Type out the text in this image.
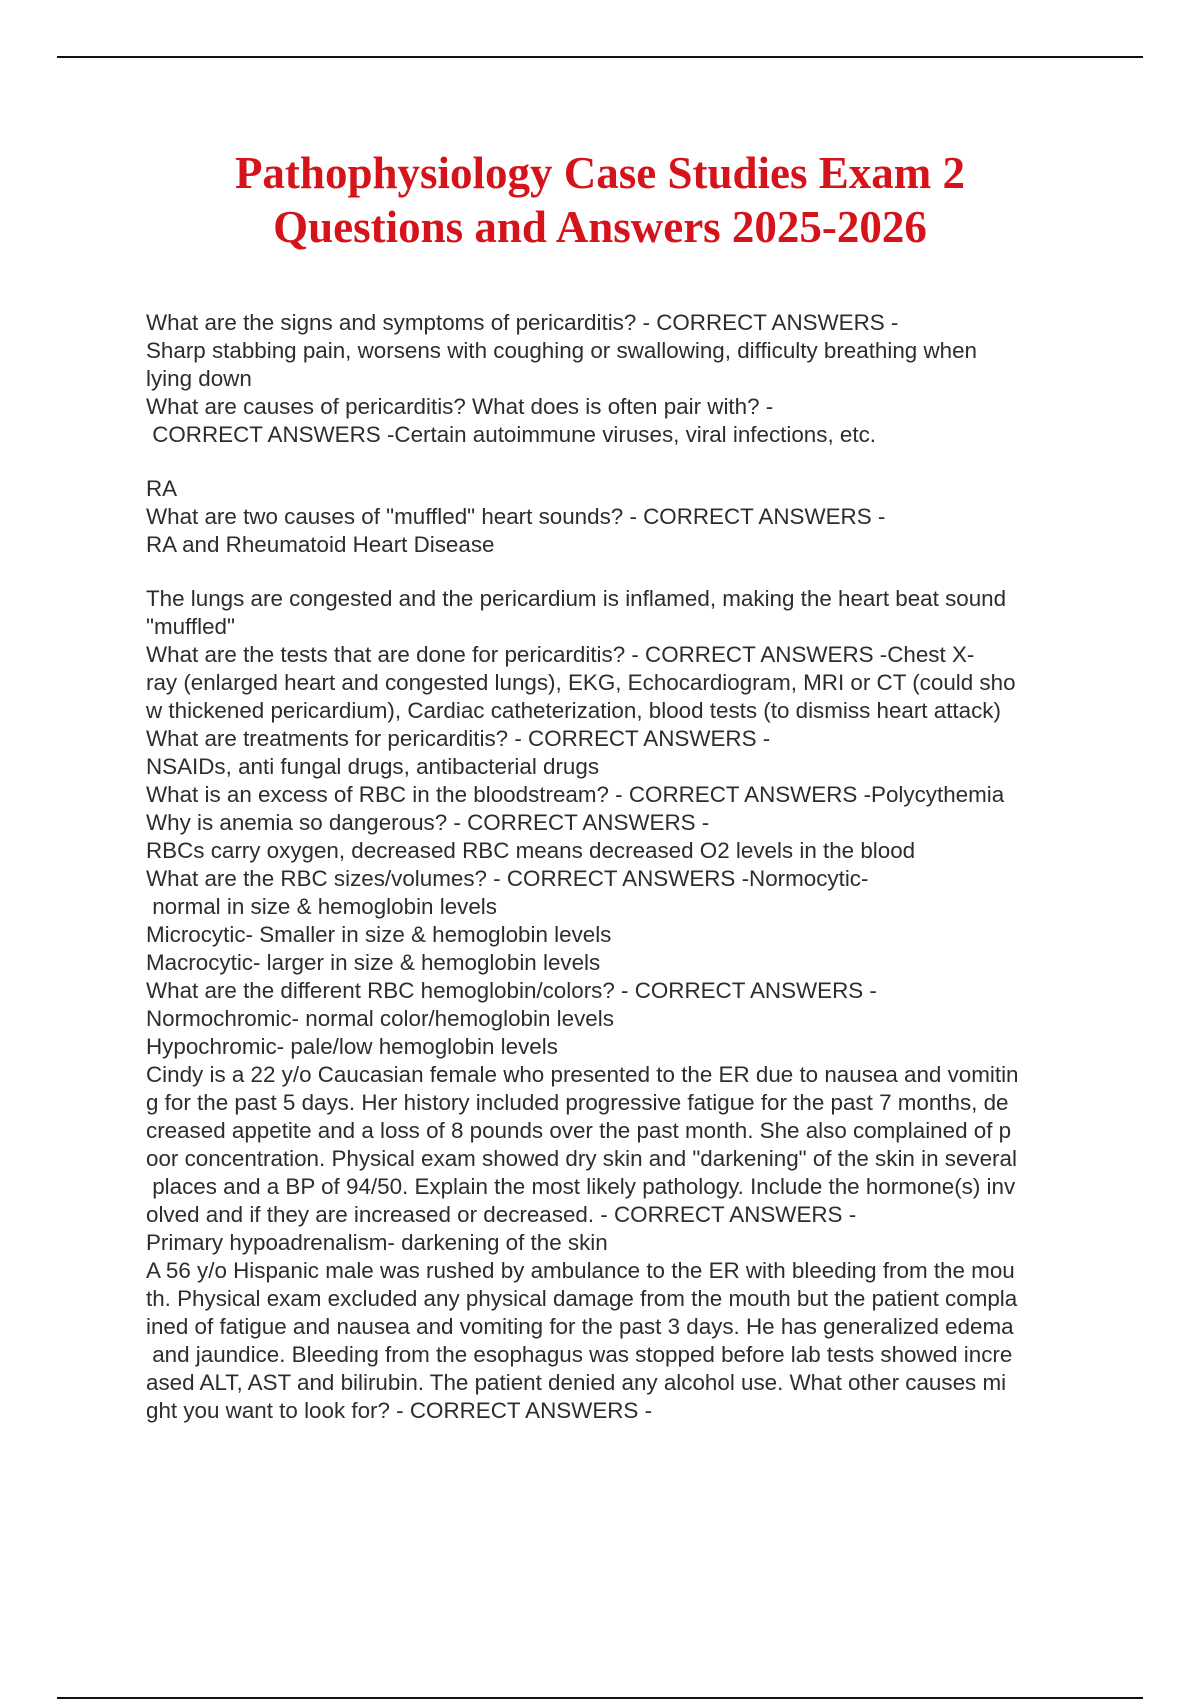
Pathophysiology Case Studies Exam 2
Questions and Answers 2025-2026
What are the signs and symptoms of pericarditis? - CORRECT ANSWERS -
Sharp stabbing pain, worsens with coughing or swallowing, difficulty breathing when
lying down
What are causes of pericarditis? What does is often pair with? -
CORRECT ANSWERS -Certain autoimmune viruses, viral infections, etc.
RA
What are two causes of "muffled" heart sounds? - CORRECT ANSWERS -
RA and Rheumatoid Heart Disease
The lungs are congested and the pericardium is inflamed, making the heart beat sound
"muffled"
What are the tests that are done for pericarditis? - CORRECT ANSWERS -Chest X-
ray (enlarged heart and congested lungs), EKG, Echocardiogram, MRI or CT (could sho
w thickened pericardium), Cardiac catheterization, blood tests (to dismiss heart attack)
What are treatments for pericarditis? - CORRECT ANSWERS -
NSAIDs, anti fungal drugs, antibacterial drugs
What is an excess of RBC in the bloodstream? - CORRECT ANSWERS -Polycythemia
Why is anemia so dangerous? - CORRECT ANSWERS -
RBCs carry oxygen, decreased RBC means decreased O2 levels in the blood
What are the RBC sizes/volumes? - CORRECT ANSWERS -Normocytic-
normal in size & hemoglobin levels
Microcytic- Smaller in size & hemoglobin levels
Macrocytic- larger in size & hemoglobin levels
What are the different RBC hemoglobin/colors? - CORRECT ANSWERS -
Normochromic- normal color/hemoglobin levels
Hypochromic- pale/low hemoglobin levels
Cindy is a 22 y/o Caucasian female who presented to the ER due to nausea and vomitin
g for the past 5 days. Her history included progressive fatigue for the past 7 months, de
creased appetite and a loss of 8 pounds over the past month. She also complained of p
oor concentration. Physical exam showed dry skin and "darkening" of the skin in several
places and a BP of 94/50. Explain the most likely pathology. Include the hormone(s) inv
olved and if they are increased or decreased. - CORRECT ANSWERS -
Primary hypoadrenalism- darkening of the skin
A 56 y/o Hispanic male was rushed by ambulance to the ER with bleeding from the mou
th. Physical exam excluded any physical damage from the mouth but the patient compla
ined of fatigue and nausea and vomiting for the past 3 days. He has generalized edema
and jaundice. Bleeding from the esophagus was stopped before lab tests showed incre
ased ALT, AST and bilirubin. The patient denied any alcohol use. What other causes mi
ght you want to look for? - CORRECT ANSWERS -
